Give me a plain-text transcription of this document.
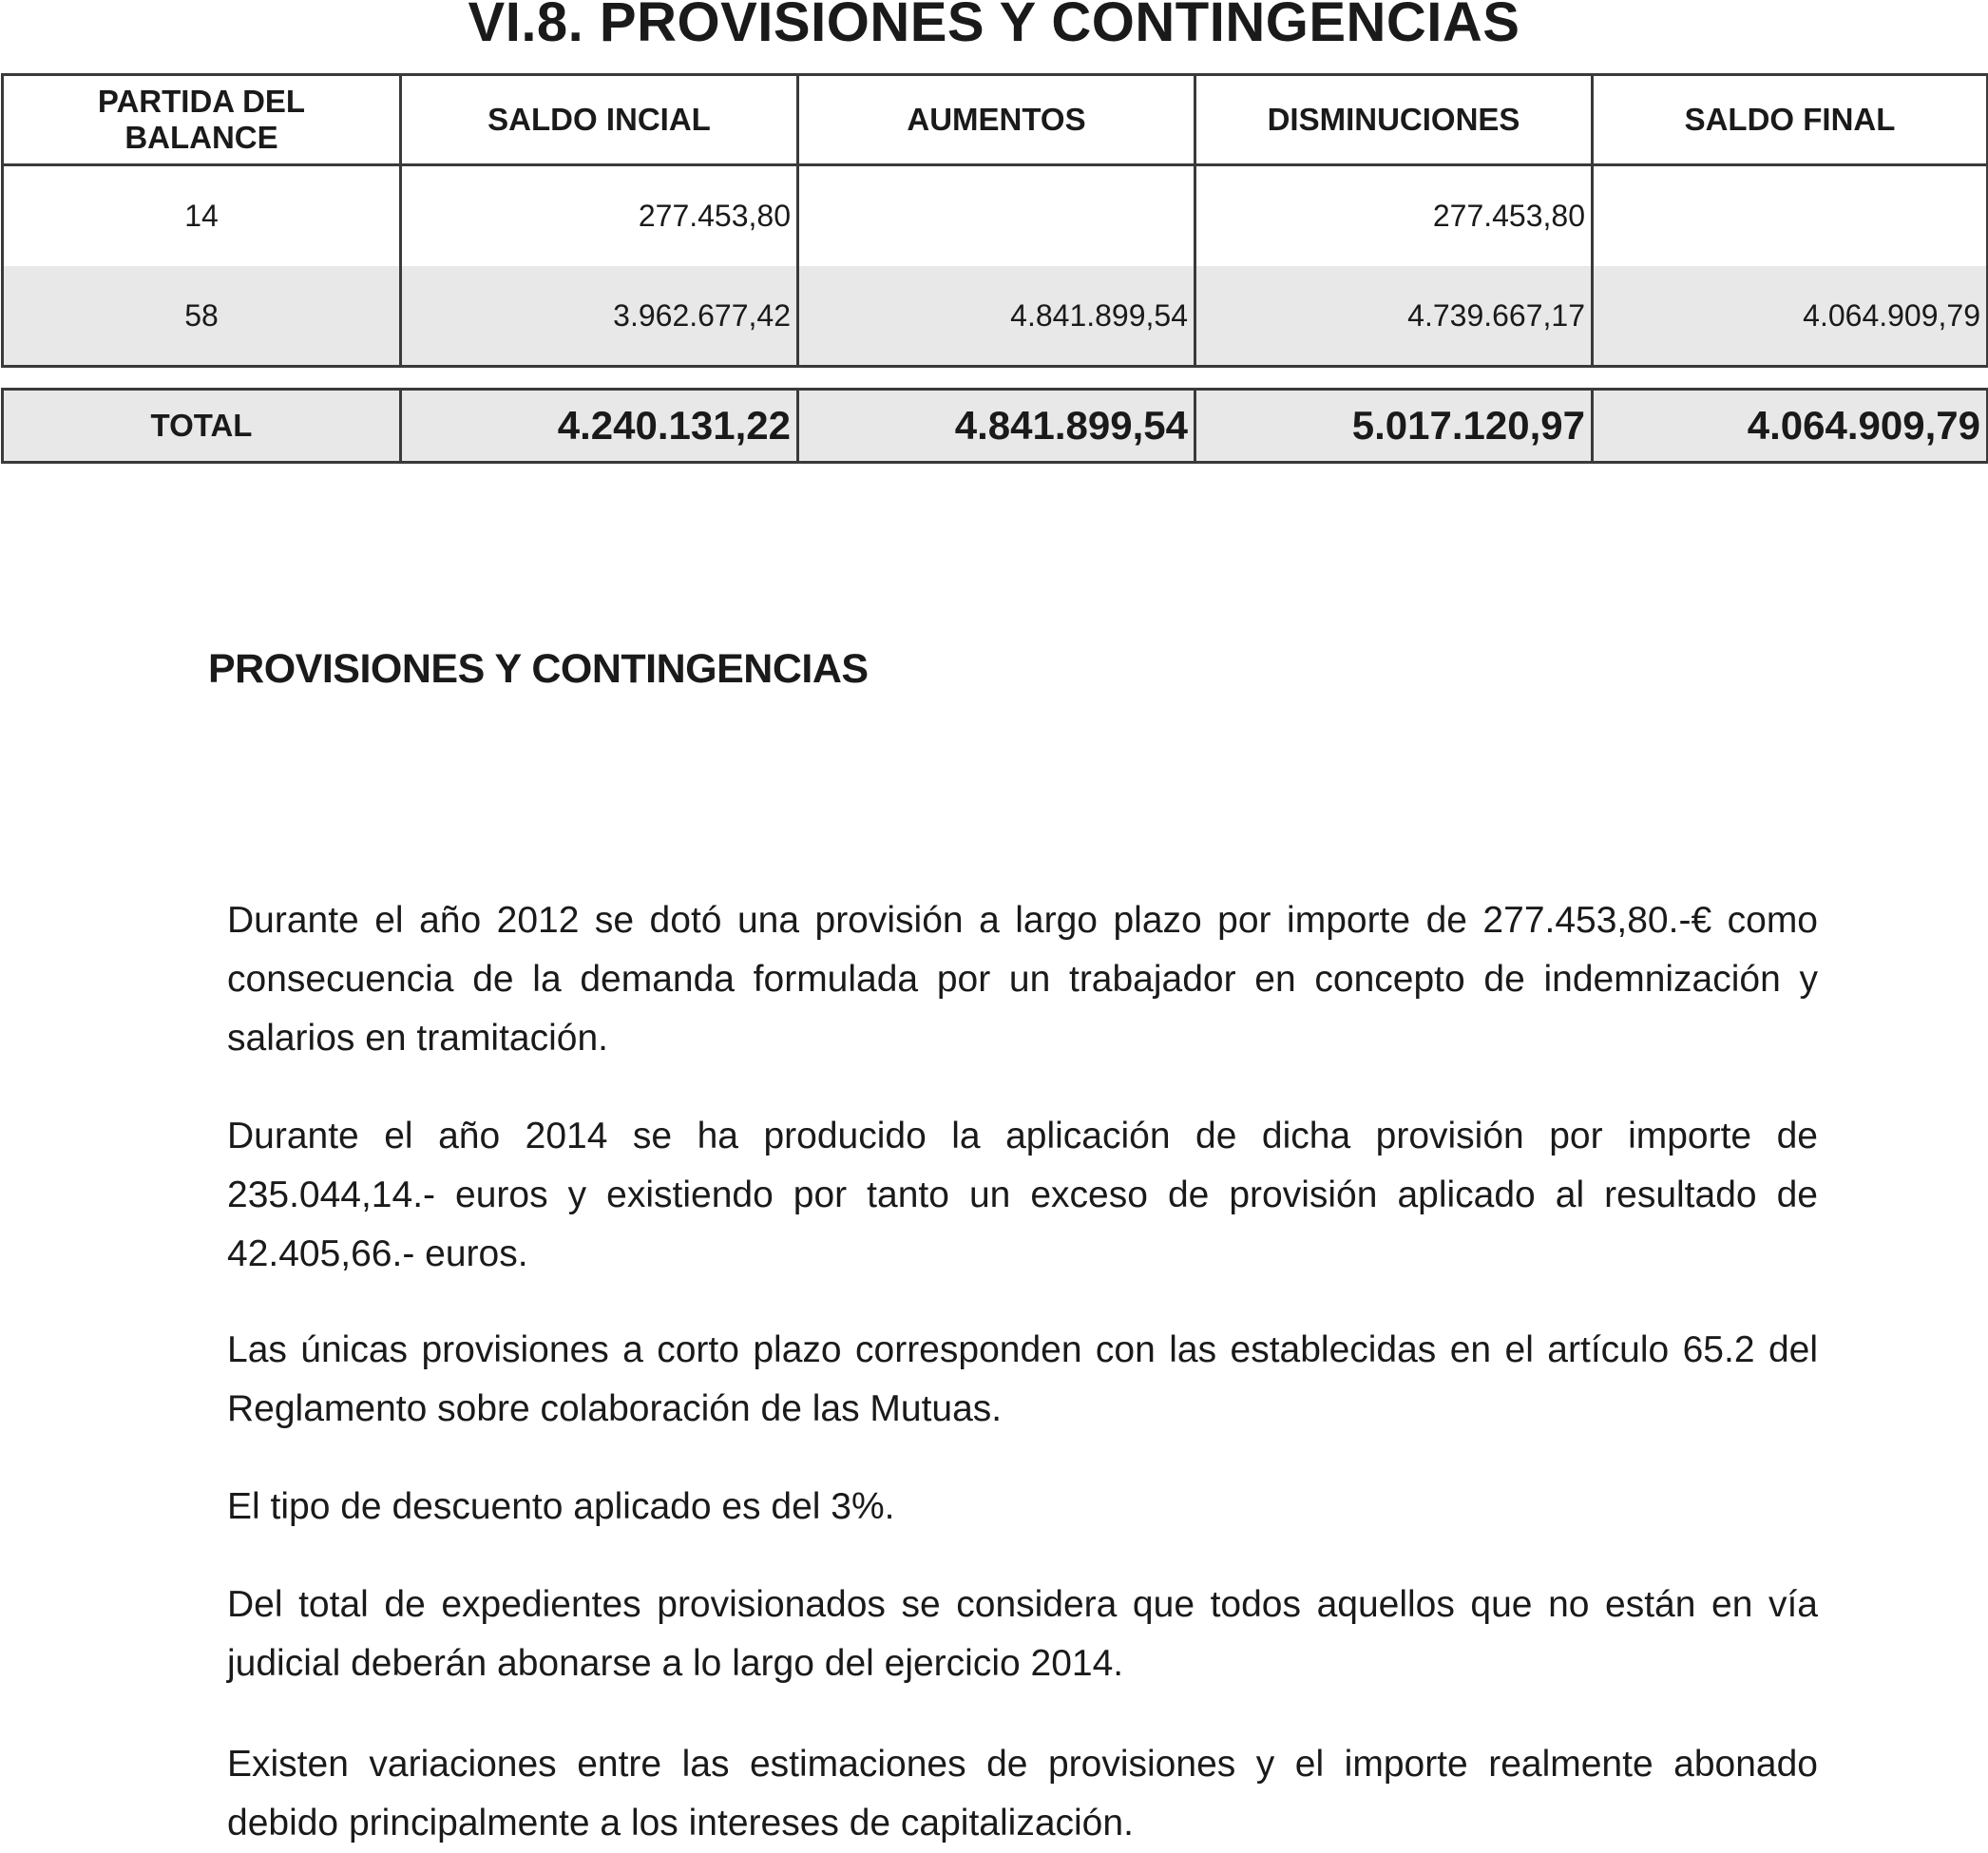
VI.8. PROVISIONES Y CONTINGENCIAS
PARTIDA DEL BALANCE	SALDO INCIAL	AUMENTOS	DISMINUCIONES	SALDO FINAL
14	277.453,80		277.453,80	
58	3.962.677,42	4.841.899,54	4.739.667,17	4.064.909,79
TOTAL	4.240.131,22	4.841.899,54	5.017.120,97	4.064.909,79
PROVISIONES Y CONTINGENCIAS

Durante el año 2012 se dotó una provisión a largo plazo por importe de 277.453,80.-€ como consecuencia de la demanda formulada por un trabajador en concepto de indemnización y salarios en tramitación.

Durante el año 2014 se ha producido la aplicación de dicha provisión por importe de 235.044,14.- euros y existiendo por tanto un exceso de provisión aplicado al resultado de 42.405,66.- euros.

Las únicas provisiones a corto plazo corresponden con las establecidas en el artículo 65.2 del Reglamento sobre colaboración de las Mutuas.

El tipo de descuento aplicado es del 3%.

Del total de expedientes provisionados se considera que todos aquellos que no están en vía judicial deberán abonarse a lo largo del ejercicio 2014.

Existen variaciones entre las estimaciones de provisiones y el importe realmente abonado debido principalmente a los intereses de capitalización.
